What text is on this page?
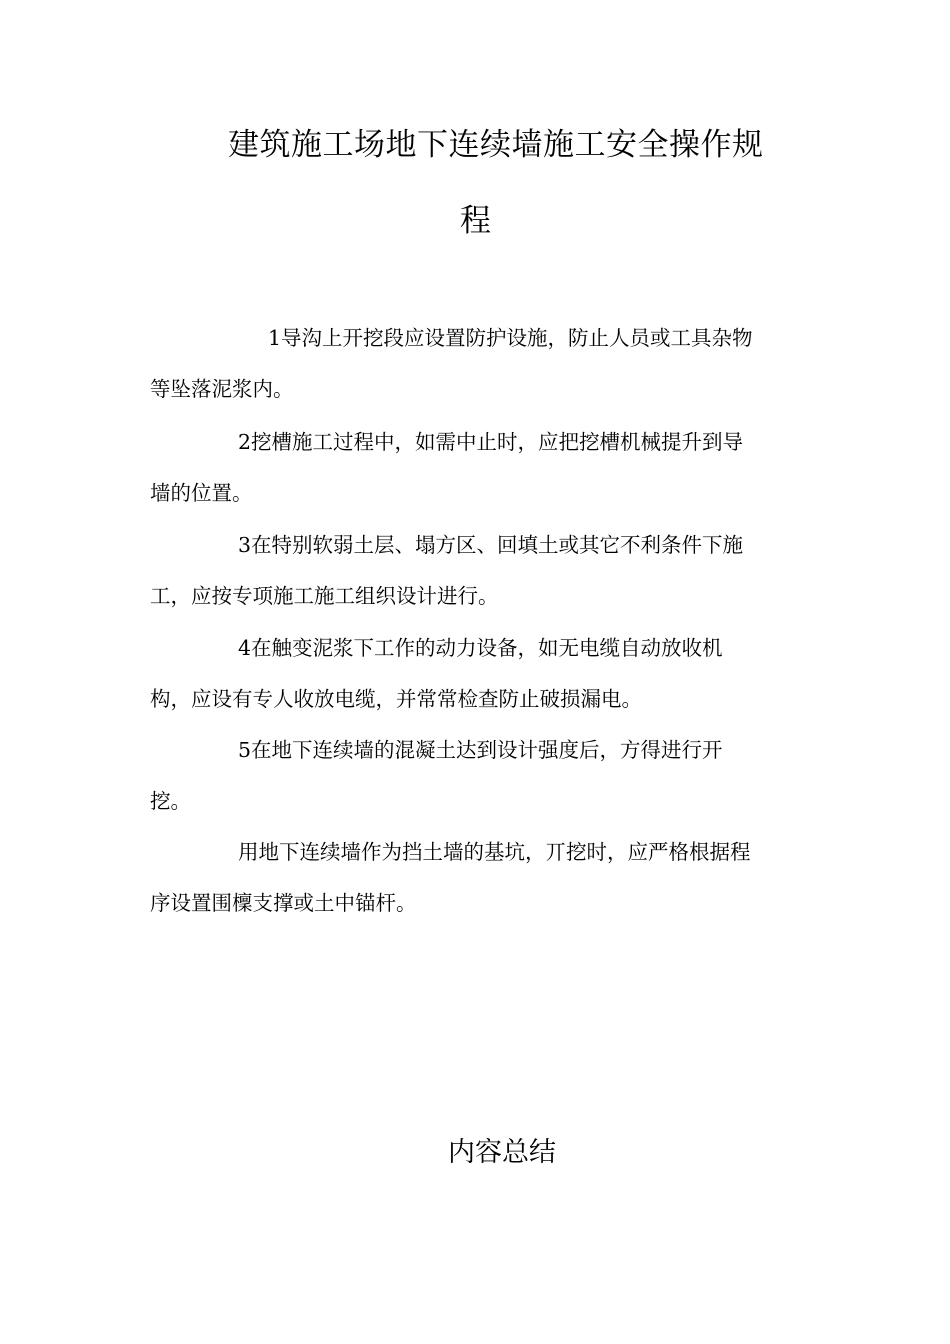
建筑施工场地下连续墙施工安全操作规
程

1导沟上开挖段应设置防护设施，防止人员或工具杂物
等坠落泥浆内。

2挖槽施工过程中，如需中止时，应把挖槽机械提升到导
墙的位置。

3在特别软弱土层、塌方区、回填土或其它不利条件下施
工，应按专项施工施工组织设计进行。

4在触变泥浆下工作的动力设备，如无电缆自动放收机
构，应设有专人收放电缆，并常常检查防止破损漏电。

5在地下连续墙的混凝土达到设计强度后，方得进行开
挖。

用地下连续墙作为挡土墙的基坑，丌挖时，应严格根据程
序设置围檁支撑或土中锚杆。

内容总结
